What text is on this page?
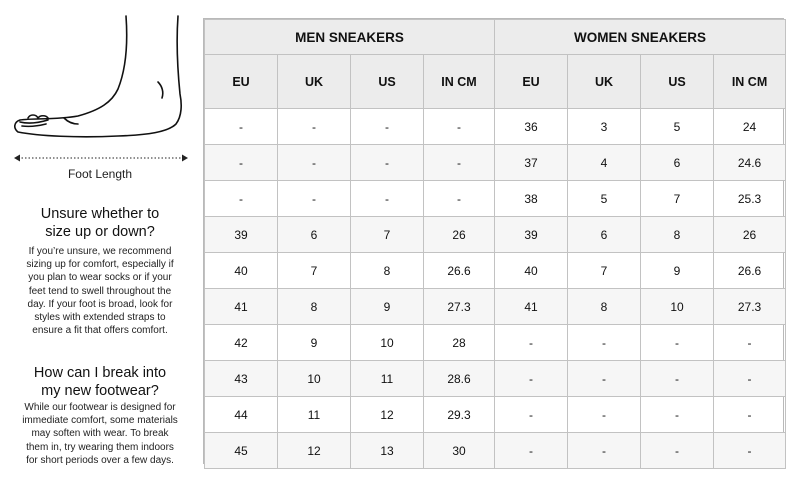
Foot Length
Unsure whether to
size up or down?
If you’re unsure, we recommend
sizing up for comfort, especially if
you plan to wear socks or if your
feet tend to swell throughout the
day. If your foot is broad, look for
styles with extended straps to
ensure a fit that offers comfort.
How can I break into
my new footwear?
While our footwear is designed for
immediate comfort, some materials
may soften with wear. To break
them in, try wearing them indoors
for short periods over a few days.
MEN SNEAKERS				WOMEN SNEAKERS			
EU	UK	US	IN CM	EU	UK	US	IN CM
-	-	-	-	36	3	5	24
-	-	-	-	37	4	6	24.6
-	-	-	-	38	5	7	25.3
39	6	7	26	39	6	8	26
40	7	8	26.6	40	7	9	26.6
41	8	9	27.3	41	8	10	27.3
42	9	10	28	-	-	-	-
43	10	11	28.6	-	-	-	-
44	11	12	29.3	-	-	-	-
45	12	13	30	-	-	-	-
